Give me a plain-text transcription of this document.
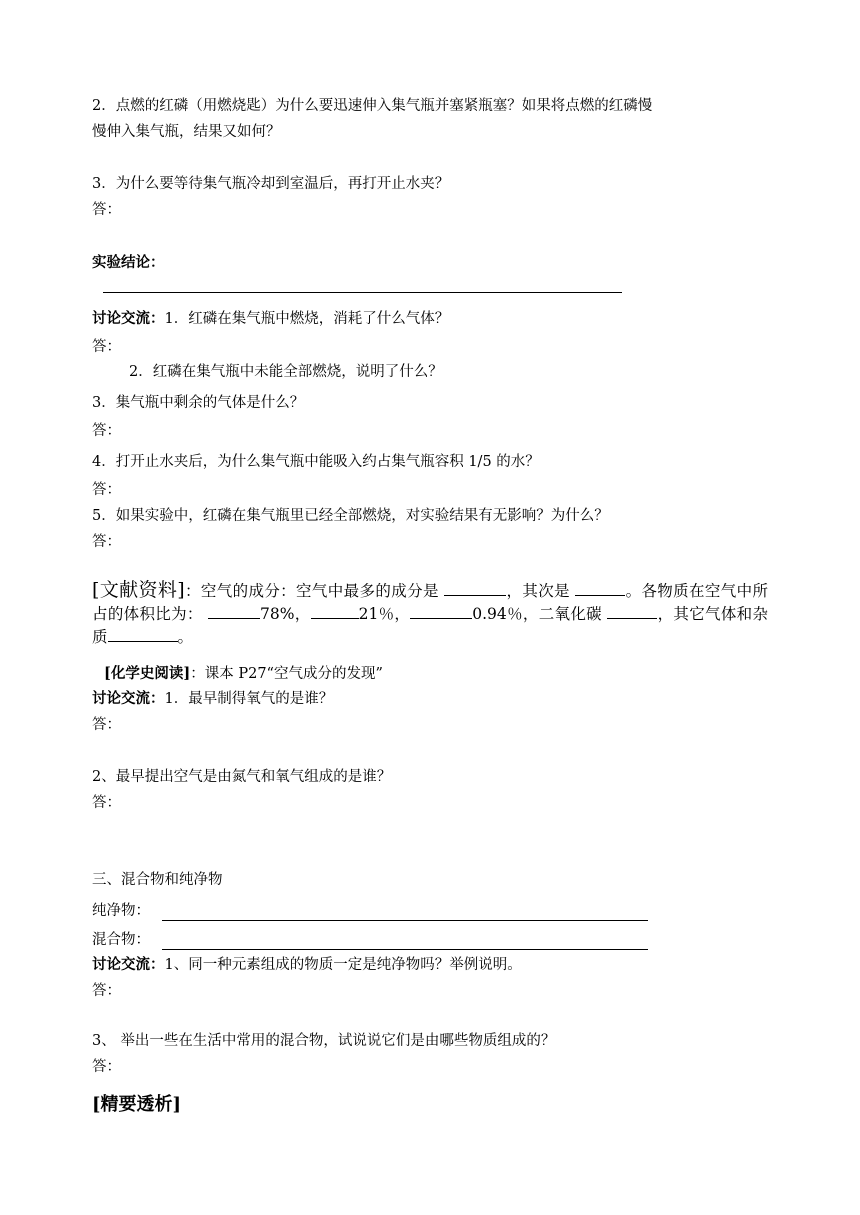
2．点燃的红磷（用燃烧匙）为什么要迅速伸入集气瓶并塞紧瓶塞？如果将点燃的红磷慢
慢伸入集气瓶，结果又如何？
3．为什么要等待集气瓶冷却到室温后，再打开止水夹？
答：
实验结论：
讨论交流：1．红磷在集气瓶中燃烧，消耗了什么气体？
答：
2．红磷在集气瓶中未能全部燃烧，说明了什么？
3．集气瓶中剩余的气体是什么？
答：
4．打开止水夹后，为什么集气瓶中能吸入约占集气瓶容积 1/5 的水？
答：
5．如果实验中，红磷在集气瓶里已经全部燃烧，对实验结果有无影响？为什么？
答：
[文献资料]：空气的成分：空气中最多的成分是	，其次是	。各物质在空气中所占的体积比为：	78%，	21％，	0.94％，二氧化碳	，其它气体和杂质	。
[化学史阅读]：课本 P27“空气成分的发现”
讨论交流：1．最早制得氧气的是谁？
答：
2、最早提出空气是由氮气和氧气组成的是谁？
答：
三、混合物和纯净物
纯净物：
混合物：
讨论交流：1、同一种元素组成的物质一定是纯净物吗？举例说明。
答：
3、 举出一些在生活中常用的混合物，试说说它们是由哪些物质组成的？
答：
[精要透析]
